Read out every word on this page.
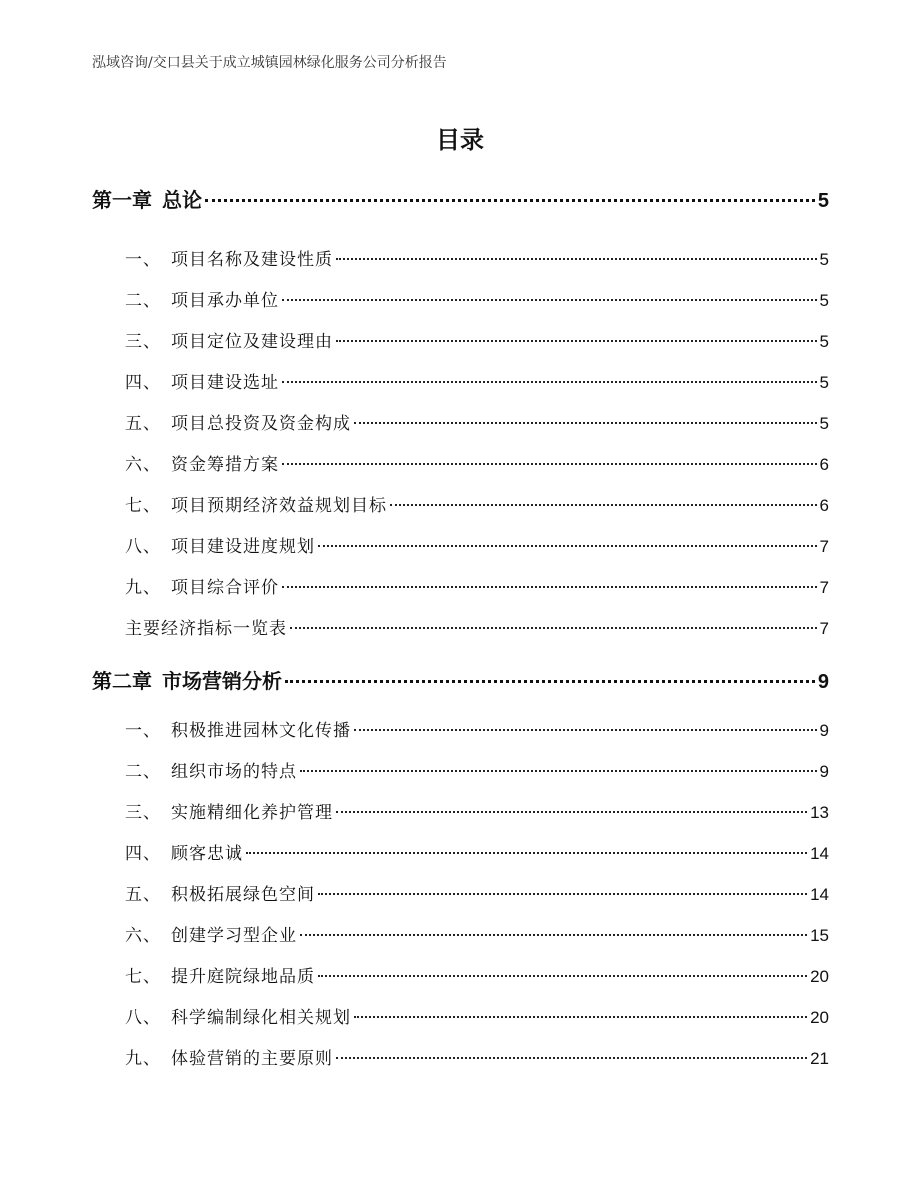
泓域咨询/交口县关于成立城镇园林绿化服务公司分析报告
目录
第一章 总论	5
一、 项目名称及建设性质	5
二、 项目承办单位	5
三、 项目定位及建设理由	5
四、 项目建设选址	5
五、 项目总投资及资金构成	5
六、 资金筹措方案	6
七、 项目预期经济效益规划目标	6
八、 项目建设进度规划	7
九、 项目综合评价	7
主要经济指标一览表	7
第二章 市场营销分析	9
一、 积极推进园林文化传播	9
二、 组织市场的特点	9
三、 实施精细化养护管理	13
四、 顾客忠诚	14
五、 积极拓展绿色空间	14
六、 创建学习型企业	15
七、 提升庭院绿地品质	20
八、 科学编制绿化相关规划	20
九、 体验营销的主要原则	21
